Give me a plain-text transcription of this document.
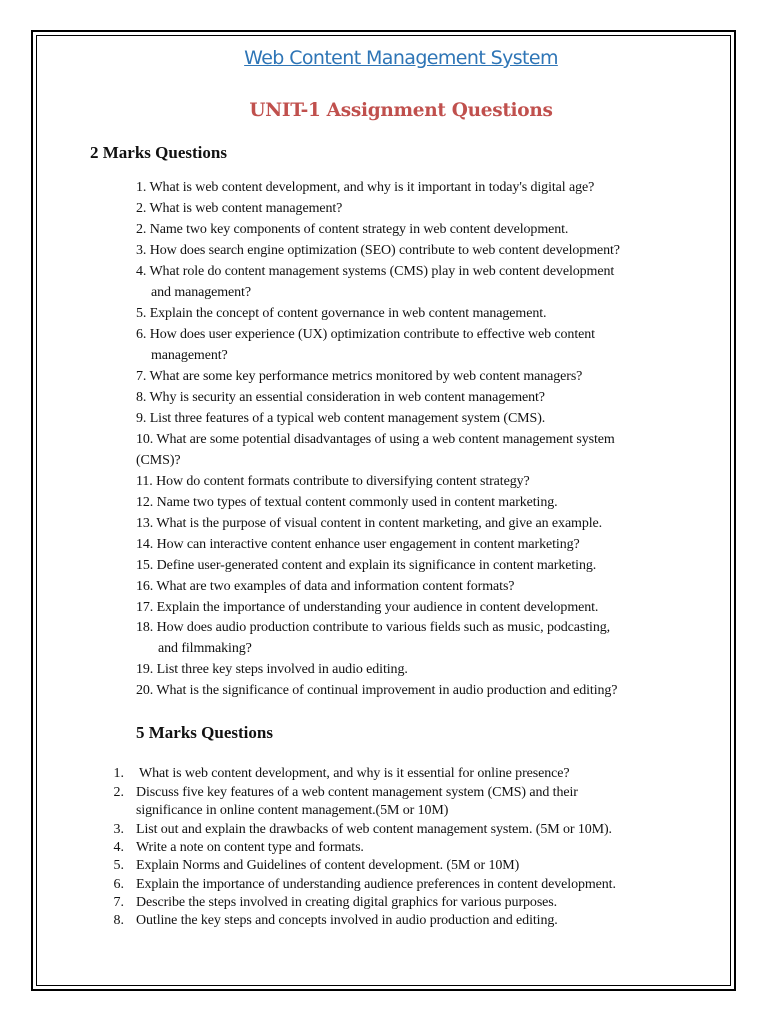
Web Content Management System
UNIT-1 Assignment Questions
2 Marks Questions
1. What is web content development, and why is it important in today's digital age?
2. What is web content management?
2. Name two key components of content strategy in web content development.
3. How does search engine optimization (SEO) contribute to web content development?
4. What role do content management systems (CMS) play in web content development
and management?
5. Explain the concept of content governance in web content management.
6. How does user experience (UX) optimization contribute to effective web content
management?
7. What are some key performance metrics monitored by web content managers?
8. Why is security an essential consideration in web content management?
9. List three features of a typical web content management system (CMS).
10. What are some potential disadvantages of using a web content management system
(CMS)?
11. How do content formats contribute to diversifying content strategy?
12. Name two types of textual content commonly used in content marketing.
13. What is the purpose of visual content in content marketing, and give an example.
14. How can interactive content enhance user engagement in content marketing?
15. Define user-generated content and explain its significance in content marketing.
16. What are two examples of data and information content formats?
17. Explain the importance of understanding your audience in content development.
18. How does audio production contribute to various fields such as music, podcasting,
and filmmaking?
19. List three key steps involved in audio editing.
20. What is the significance of continual improvement in audio production and editing?
5 Marks Questions
1. What is web content development, and why is it essential for online presence?
2. Discuss five key features of a web content management system (CMS) and their
significance in online content management.(5M or 10M)
3. List out and explain the drawbacks of web content management system. (5M or 10M).
4. Write a note on content type and formats.
5. Explain Norms and Guidelines of content development. (5M or 10M)
6. Explain the importance of understanding audience preferences in content development.
7. Describe the steps involved in creating digital graphics for various purposes.
8. Outline the key steps and concepts involved in audio production and editing.
